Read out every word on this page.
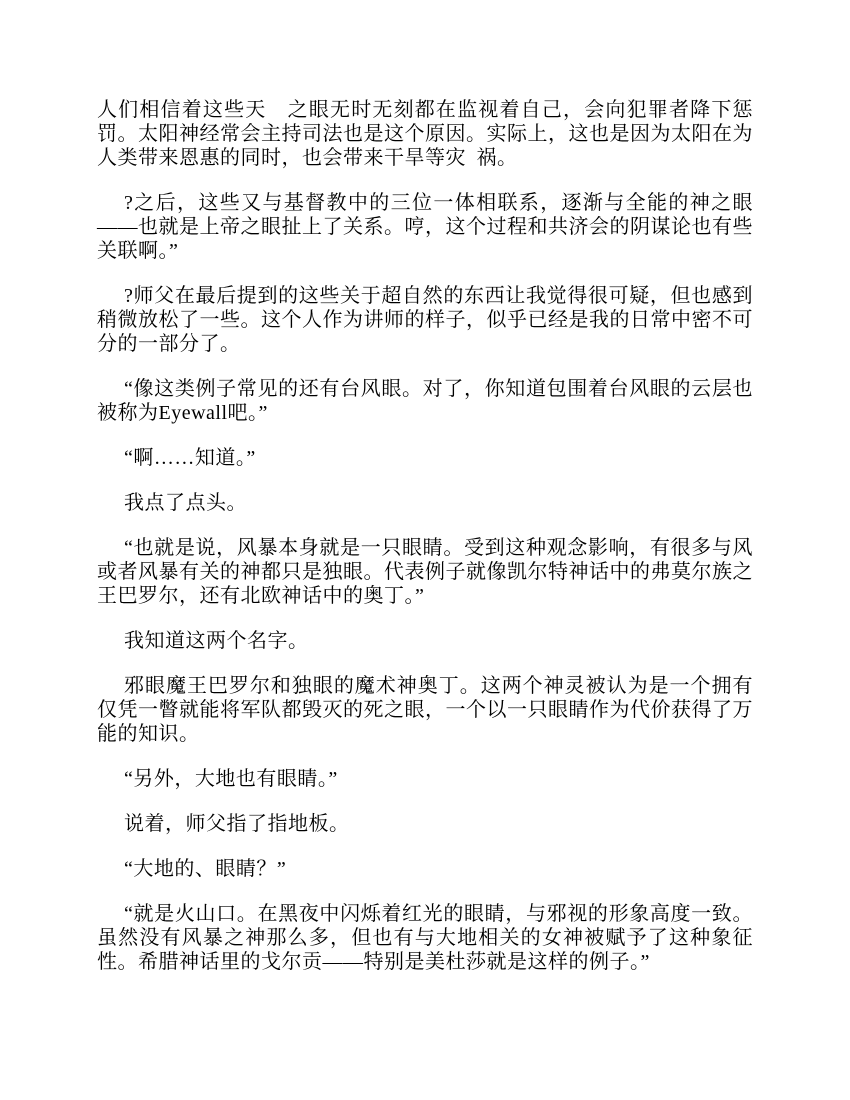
人们相信着这些天　之眼无时无刻都在监视着自己，会向犯罪者降下惩罚。太阳神经常会主持司法也是这个原因。实际上，这也是因为太阳在为人类带来恩惠的同时，也会带来干旱等灾 祸。

?之后，这些又与基督教中的三位一体相联系，逐渐与全能的神之眼——也就是上帝之眼扯上了关系。哼，这个过程和共济会的阴谋论也有些关联啊。”

?师父在最后提到的这些关于超自然的东西让我觉得很可疑，但也感到稍微放松了一些。这个人作为讲师的样子，似乎已经是我的日常中密不可分的一部分了。

“像这类例子常见的还有台风眼。对了，你知道包围着台风眼的云层也被称为Eyewall吧。”

“啊……知道。”

我点了点头。

“也就是说，风暴本身就是一只眼睛。受到这种观念影响，有很多与风或者风暴有关的神都只是独眼。代表例子就像凯尔特神话中的弗莫尔族之王巴罗尔，还有北欧神话中的奥丁。”

我知道这两个名字。

邪眼魔王巴罗尔和独眼的魔术神奥丁。这两个神灵被认为是一个拥有仅凭一瞥就能将军队都毁灭的死之眼，一个以一只眼睛作为代价获得了万能的知识。

“另外，大地也有眼睛。”

说着，师父指了指地板。

“大地的、眼睛？”

“就是火山口。在黑夜中闪烁着红光的眼睛，与邪视的形象高度一致。虽然没有风暴之神那么多，但也有与大地相关的女神被赋予了这种象征性。希腊神话里的戈尔贡——特别是美杜莎就是这样的例子。”
